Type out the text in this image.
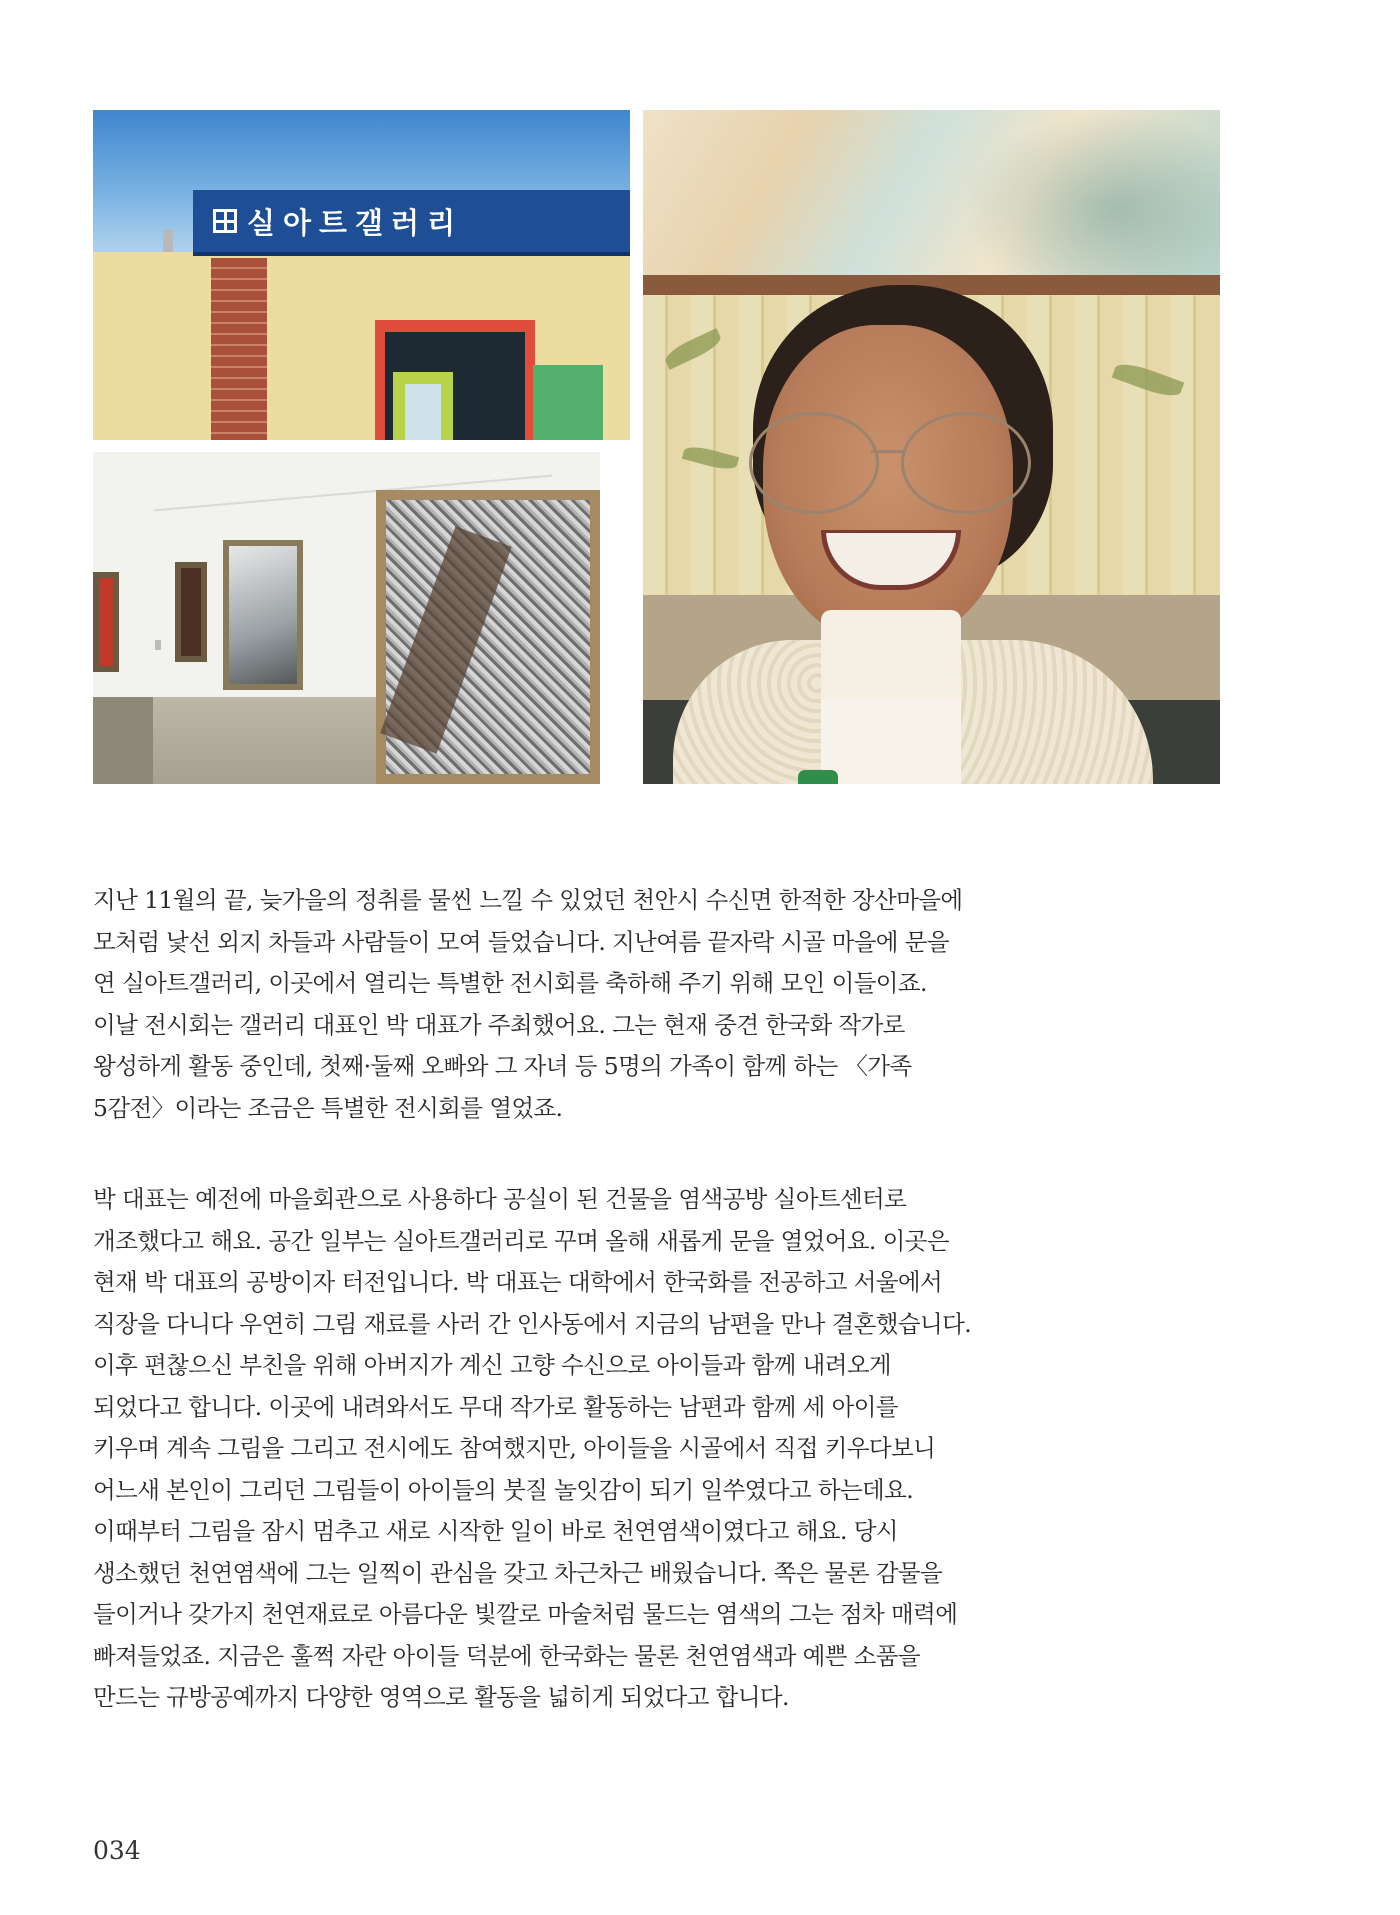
실아트갤러리

지난 11월의 끝, 늦가을의 정취를 물씬 느낄 수 있었던 천안시 수신면 한적한 장산마을에
모처럼 낯선 외지 차들과 사람들이 모여 들었습니다. 지난여름 끝자락 시골 마을에 문을
연 실아트갤러리, 이곳에서 열리는 특별한 전시회를 축하해 주기 위해 모인 이들이죠.
이날 전시회는 갤러리 대표인 박 대표가 주최했어요. 그는 현재 중견 한국화 작가로
왕성하게 활동 중인데, 첫째·둘째 오빠와 그 자녀 등 5명의 가족이 함께 하는 〈가족
5감전〉이라는 조금은 특별한 전시회를 열었죠.

박 대표는 예전에 마을회관으로 사용하다 공실이 된 건물을 염색공방 실아트센터로
개조했다고 해요. 공간 일부는 실아트갤러리로 꾸며 올해 새롭게 문을 열었어요. 이곳은
현재 박 대표의 공방이자 터전입니다. 박 대표는 대학에서 한국화를 전공하고 서울에서
직장을 다니다 우연히 그림 재료를 사러 간 인사동에서 지금의 남편을 만나 결혼했습니다.
이후 편찮으신 부친을 위해 아버지가 계신 고향 수신으로 아이들과 함께 내려오게
되었다고 합니다. 이곳에 내려와서도 무대 작가로 활동하는 남편과 함께 세 아이를
키우며 계속 그림을 그리고 전시에도 참여했지만, 아이들을 시골에서 직접 키우다보니
어느새 본인이 그리던 그림들이 아이들의 붓질 놀잇감이 되기 일쑤였다고 하는데요.
이때부터 그림을 잠시 멈추고 새로 시작한 일이 바로 천연염색이였다고 해요. 당시
생소했던 천연염색에 그는 일찍이 관심을 갖고 차근차근 배웠습니다. 쪽은 물론 감물을
들이거나 갖가지 천연재료로 아름다운 빛깔로 마술처럼 물드는 염색의 그는 점차 매력에
빠져들었죠. 지금은 훌쩍 자란 아이들 덕분에 한국화는 물론 천연염색과 예쁜 소품을
만드는 규방공예까지 다양한 영역으로 활동을 넓히게 되었다고 합니다.

034
